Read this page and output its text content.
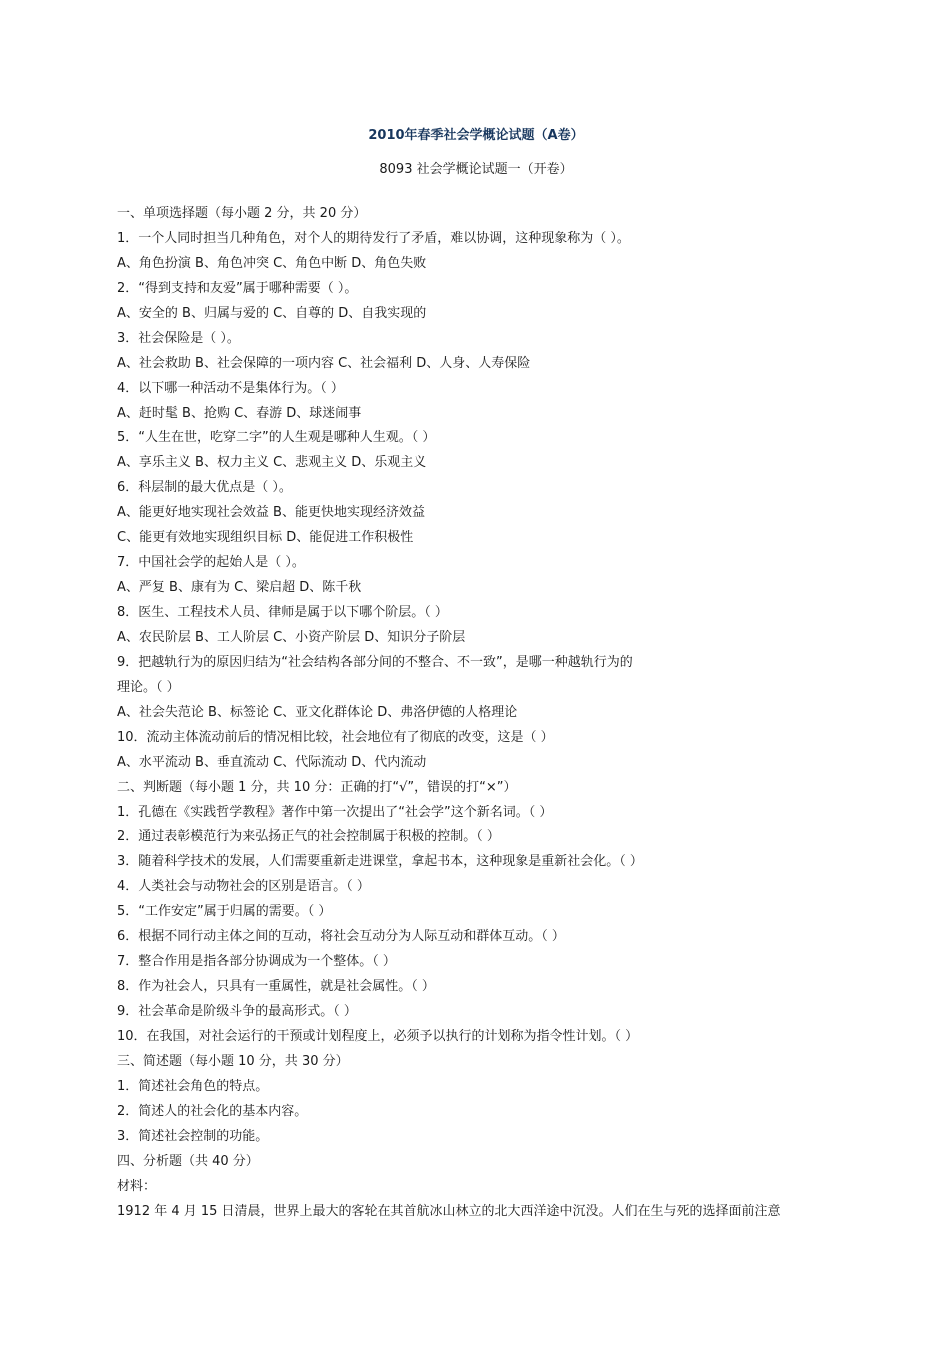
2010年春季社会学概论试题（A卷）
8093 社会学概论试题一（开卷）
一、单项选择题（每小题 2 分，共 20 分）
1．一个人同时担当几种角色，对个人的期待发行了矛盾，难以协调，这种现象称为（ ）。
A、角色扮演 B、角色冲突 C、角色中断 D、角色失败
2．“得到支持和友爱”属于哪种需要（ ）。
A、安全的 B、归属与爱的 C、自尊的 D、自我实现的
3．社会保险是（ ）。
A、社会救助 B、社会保障的一项内容 C、社会福利 D、人身、人寿保险
4．以下哪一种活动不是集体行为。（ ）
A、赶时髦 B、抢购 C、春游 D、球迷闹事
5．“人生在世，吃穿二字”的人生观是哪种人生观。（ ）
A、享乐主义 B、权力主义 C、悲观主义 D、乐观主义
6．科层制的最大优点是（ ）。
A、能更好地实现社会效益 B、能更快地实现经济效益
C、能更有效地实现组织目标 D、能促进工作积极性
7．中国社会学的起始人是（ ）。
A、严复 B、康有为 C、梁启超 D、陈千秋
8．医生、工程技术人员、律师是属于以下哪个阶层。（ ）
A、农民阶层 B、工人阶层 C、小资产阶层 D、知识分子阶层
9．把越轨行为的原因归结为“社会结构各部分间的不整合、不一致”，是哪一种越轨行为的
理论。（ ）
A、社会失范论 B、标签论 C、亚文化群体论 D、弗洛伊德的人格理论
10．流动主体流动前后的情况相比较，社会地位有了彻底的改变，这是（ ）
A、水平流动 B、垂直流动 C、代际流动 D、代内流动
二、判断题（每小题 1 分，共 10 分：正确的打“√”，错误的打“×”）
1．孔德在《实践哲学教程》著作中第一次提出了“社会学”这个新名词。（ ）
2．通过表彰模范行为来弘扬正气的社会控制属于积极的控制。（ ）
3．随着科学技术的发展，人们需要重新走进课堂，拿起书本，这种现象是重新社会化。（ ）
4．人类社会与动物社会的区别是语言。（ ）
5．“工作安定”属于归属的需要。（ ）
6．根据不同行动主体之间的互动，将社会互动分为人际互动和群体互动。（ ）
7．整合作用是指各部分协调成为一个整体。（ ）
8．作为社会人，只具有一重属性，就是社会属性。（ ）
9．社会革命是阶级斗争的最高形式。（ ）
10．在我国，对社会运行的干预或计划程度上，必须予以执行的计划称为指令性计划。（ ）
三、简述题（每小题 10 分，共 30 分）
1．简述社会角色的特点。
2．简述人的社会化的基本内容。
3．简述社会控制的功能。
四、分析题（共 40 分）
材料：
1912 年 4 月 15 日清晨，世界上最大的客轮在其首航冰山林立的北大西洋途中沉没。人们在生与死的选择面前注意
